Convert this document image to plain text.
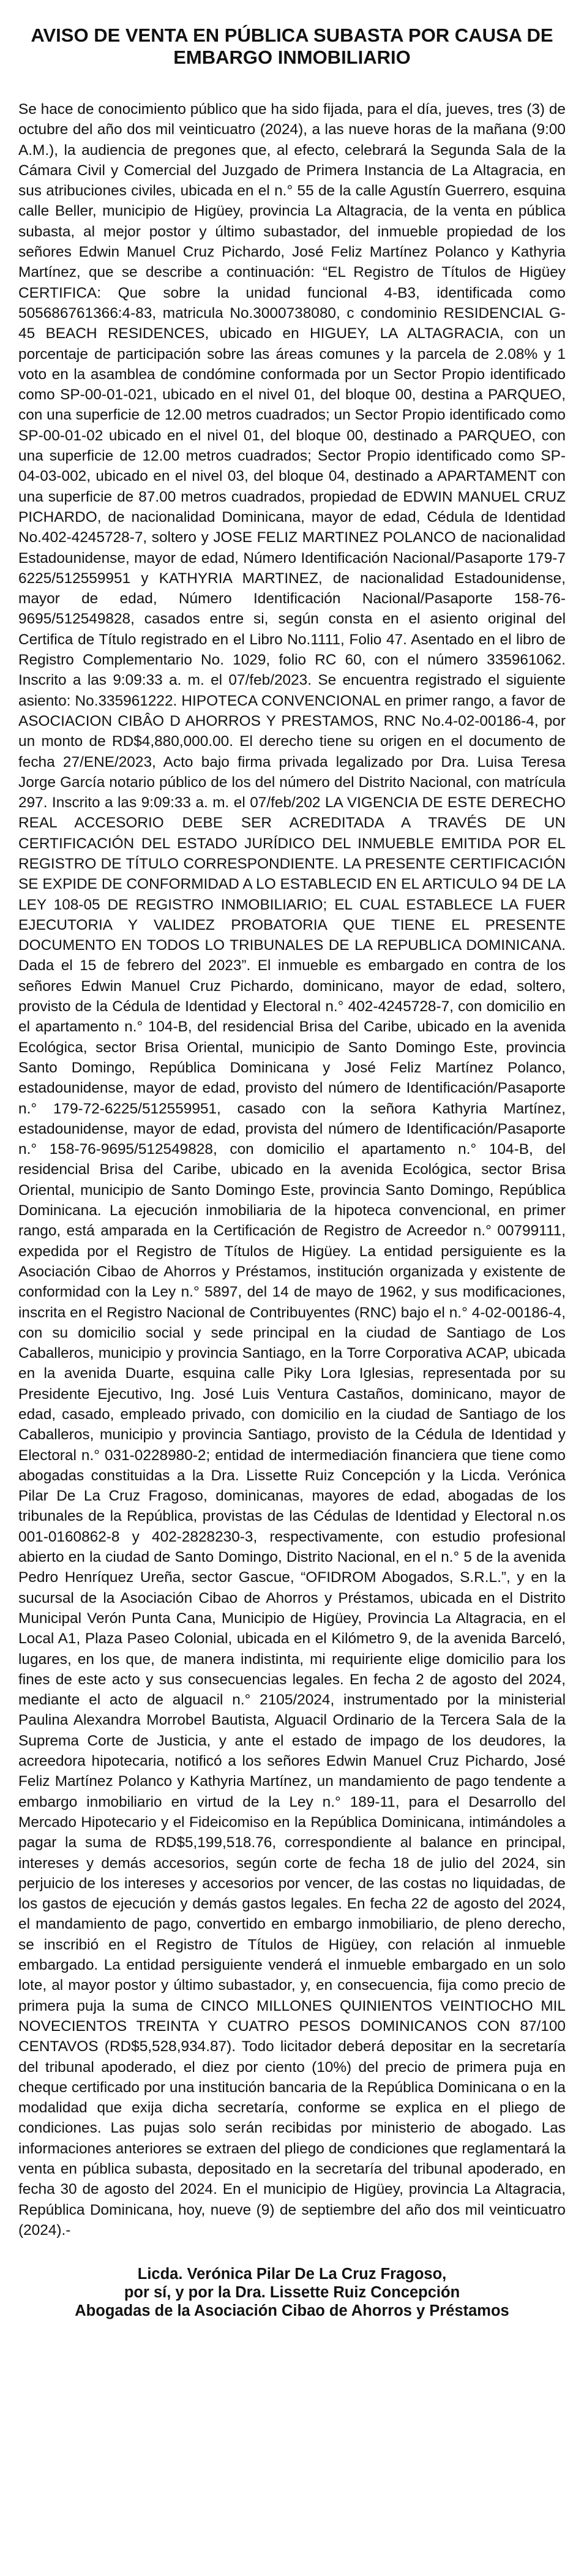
AVISO DE VENTA EN PÚBLICA SUBASTA POR CAUSA DE
EMBARGO INMOBILIARIO

Se hace de conocimiento público que ha sido fijada, para el día, jueves, tres (3) de octubre del año dos mil veinticuatro (2024), a las nueve horas de la mañana (9:00 A.M.), la audiencia de pregones que, al efecto, celebrará la Segunda Sala de la Cámara Civil y Comercial del Juzgado de Primera Instancia de La Altagracia, en sus atribuciones civiles, ubicada en el n.° 55 de la calle Agustín Guerrero, esquina calle Beller, municipio de Higüey, provincia La Altagracia, de la venta en pública subasta, al mejor postor y último subastador, del inmueble propiedad de los señores Edwin Manuel Cruz Pichardo, José Feliz Martínez Polanco y Kathyria Martínez, que se describe a continuación: “EL Registro de Títulos de Higüey CERTIFICA: Que sobre la unidad funcional 4-B3, identificada como 505686761366:4-83, matricula No.3000738080, c condominio RESIDENCIAL G-45 BEACH RESIDENCES, ubicado en HIGUEY, LA ALTAGRACIA, con un porcentaje de participación sobre las áreas comunes y la parcela de 2.08% y 1 voto en la asamblea de condómine conformada por un Sector Propio identificado como SP-00-01-021, ubicado en el nivel 01, del bloque 00, destina a PARQUEO, con una superficie de 12.00 metros cuadrados; un Sector Propio identificado como SP-00-01-02 ubicado en el nivel 01, del bloque 00, destinado a PARQUEO, con una superficie de 12.00 metros cuadrados; Sector Propio identificado como SP-04-03-002, ubicado en el nivel 03, del bloque 04, destinado a APARTAMENT con una superficie de 87.00 metros cuadrados, propiedad de EDWIN MANUEL CRUZ PICHARDO, de nacionalidad Dominicana, mayor de edad, Cédula de Identidad No.402-4245728-7, soltero y JOSE FELIZ MARTINEZ POLANCO de nacionalidad Estadounidense, mayor de edad, Número Identificación Nacional/Pasaporte 179-7 6225/512559951 y KATHYRIA MARTINEZ, de nacionalidad Estadounidense, mayor de edad, Número Identificación Nacional/Pasaporte 158-76-9695/512549828, casados entre si, según consta en el asiento original del Certifica de Título registrado en el Libro No.1111, Folio 47. Asentado en el libro de Registro Complementario No. 1029, folio RC 60, con el número 335961062. Inscrito a las 9:09:33 a. m. el 07/feb/2023. Se encuentra registrado el siguiente asiento: No.335961222. HIPOTECA CONVENCIONAL en primer rango, a favor de ASOCIACION CIBÂO D AHORROS Y PRESTAMOS, RNC No.4-02-00186-4, por un monto de RD$4,880,000.00. El derecho tiene su origen en el documento de fecha 27/ENE/2023, Acto bajo firma privada legalizado por Dra. Luisa Teresa Jorge García notario público de los del número del Distrito Nacional, con matrícula 297. Inscrito a las 9:09:33 a. m. el 07/feb/202 LA VIGENCIA DE ESTE DERECHO REAL ACCESORIO DEBE SER ACREDITADA A TRAVÉS DE UN CERTIFICACIÓN DEL ESTADO JURÍDICO DEL INMUEBLE EMITIDA POR EL REGISTRO DE TÍTULO CORRESPONDIENTE. LA PRESENTE CERTIFICACIÓN SE EXPIDE DE CONFORMIDAD A LO ESTABLECID EN EL ARTICULO 94 DE LA LEY 108-05 DE REGISTRO INMOBILIARIO; EL CUAL ESTABLECE LA FUER EJECUTORIA Y VALIDEZ PROBATORIA QUE TIENE EL PRESENTE DOCUMENTO EN TODOS LO TRIBUNALES DE LA REPUBLICA DOMINICANA. Dada el 15 de febrero del 2023”. El inmueble es embargado en contra de los señores Edwin Manuel Cruz Pichardo, dominicano, mayor de edad, soltero, provisto de la Cédula de Identidad y Electoral n.° 402-4245728-7, con domicilio en el apartamento n.° 104-B, del residencial Brisa del Caribe, ubicado en la avenida Ecológica, sector Brisa Oriental, municipio de Santo Domingo Este, provincia Santo Domingo, República Dominicana y José Feliz Martínez Polanco, estadounidense, mayor de edad, provisto del número de Identificación/Pasaporte n.° 179-72-6225/512559951, casado con la señora Kathyria Martínez, estadounidense, mayor de edad, provista del número de Identificación/Pasaporte n.° 158-76-9695/512549828, con domicilio el apartamento n.° 104-B, del residencial Brisa del Caribe, ubicado en la avenida Ecológica, sector Brisa Oriental, municipio de Santo Domingo Este, provincia Santo Domingo, República Dominicana. La ejecución inmobiliaria de la hipoteca convencional, en primer rango, está amparada en la Certificación de Registro de Acreedor n.° 00799111, expedida por el Registro de Títulos de Higüey. La entidad persiguiente es la Asociación Cibao de Ahorros y Préstamos, institución organizada y existente de conformidad con la Ley n.° 5897, del 14 de mayo de 1962, y sus modificaciones, inscrita en el Registro Nacional de Contribuyentes (RNC) bajo el n.° 4-02-00186-4, con su domicilio social y sede principal en la ciudad de Santiago de Los Caballeros, municipio y provincia Santiago, en la Torre Corporativa ACAP, ubicada en la avenida Duarte, esquina calle Piky Lora Iglesias, representada por su Presidente Ejecutivo, Ing. José Luis Ventura Castaños, dominicano, mayor de edad, casado, empleado privado, con domicilio en la ciudad de Santiago de los Caballeros, municipio y provincia Santiago, provisto de la Cédula de Identidad y Electoral n.° 031-0228980-2; entidad de intermediación financiera que tiene como abogadas constituidas a la Dra. Lissette Ruiz Concepción y la Licda. Verónica Pilar De La Cruz Fragoso, dominicanas, mayores de edad, abogadas de los tribunales de la República, provistas de las Cédulas de Identidad y Electoral n.os 001-0160862-8 y 402-2828230-3, respectivamente, con estudio profesional abierto en la ciudad de Santo Domingo, Distrito Nacional, en el n.° 5 de la avenida Pedro Henríquez Ureña, sector Gascue, “OFIDROM Abogados, S.R.L.”, y en la sucursal de la Asociación Cibao de Ahorros y Préstamos, ubicada en el Distrito Municipal Verón Punta Cana, Municipio de Higüey, Provincia La Altagracia, en el Local A1, Plaza Paseo Colonial, ubicada en el Kilómetro 9, de la avenida Barceló, lugares, en los que, de manera indistinta, mi requiriente elige domicilio para los fines de este acto y sus consecuencias legales. En fecha 2 de agosto del 2024, mediante el acto de alguacil n.° 2105/2024, instrumentado por la ministerial Paulina Alexandra Morrobel Bautista, Alguacil Ordinario de la Tercera Sala de la Suprema Corte de Justicia, y ante el estado de impago de los deudores, la acreedora hipotecaria, notificó a los señores Edwin Manuel Cruz Pichardo, José Feliz Martínez Polanco y Kathyria Martínez, un mandamiento de pago tendente a embargo inmobiliario en virtud de la Ley n.° 189-11, para el Desarrollo del Mercado Hipotecario y el Fideicomiso en la República Dominicana, intimándoles a pagar la suma de RD$5,199,518.76, correspondiente al balance en principal, intereses y demás accesorios, según corte de fecha 18 de julio del 2024, sin perjuicio de los intereses y accesorios por vencer, de las costas no liquidadas, de los gastos de ejecución y demás gastos legales. En fecha 22 de agosto del 2024, el mandamiento de pago, convertido en embargo inmobiliario, de pleno derecho, se inscribió en el Registro de Títulos de Higüey, con relación al inmueble embargado. La entidad persiguiente venderá el inmueble embargado en un solo lote, al mayor postor y último subastador, y, en consecuencia, fija como precio de primera puja la suma de CINCO MILLONES QUINIENTOS VEINTIOCHO MIL NOVECIENTOS TREINTA Y CUATRO PESOS DOMINICANOS CON 87/100 CENTAVOS (RD$5,528,934.87). Todo licitador deberá depositar en la secretaría del tribunal apoderado, el diez por ciento (10%) del precio de primera puja en cheque certificado por una institución bancaria de la República Dominicana o en la modalidad que exija dicha secretaría, conforme se explica en el pliego de condiciones. Las pujas solo serán recibidas por ministerio de abogado. Las informaciones anteriores se extraen del pliego de condiciones que reglamentará la venta en pública subasta, depositado en la secretaría del tribunal apoderado, en fecha 30 de agosto del 2024. En el municipio de Higüey, provincia La Altagracia, República Dominicana, hoy, nueve (9) de septiembre del año dos mil veinticuatro (2024).-

Licda. Verónica Pilar De La Cruz Fragoso,
por sí, y por la Dra. Lissette Ruiz Concepción
Abogadas de la Asociación Cibao de Ahorros y Préstamos
